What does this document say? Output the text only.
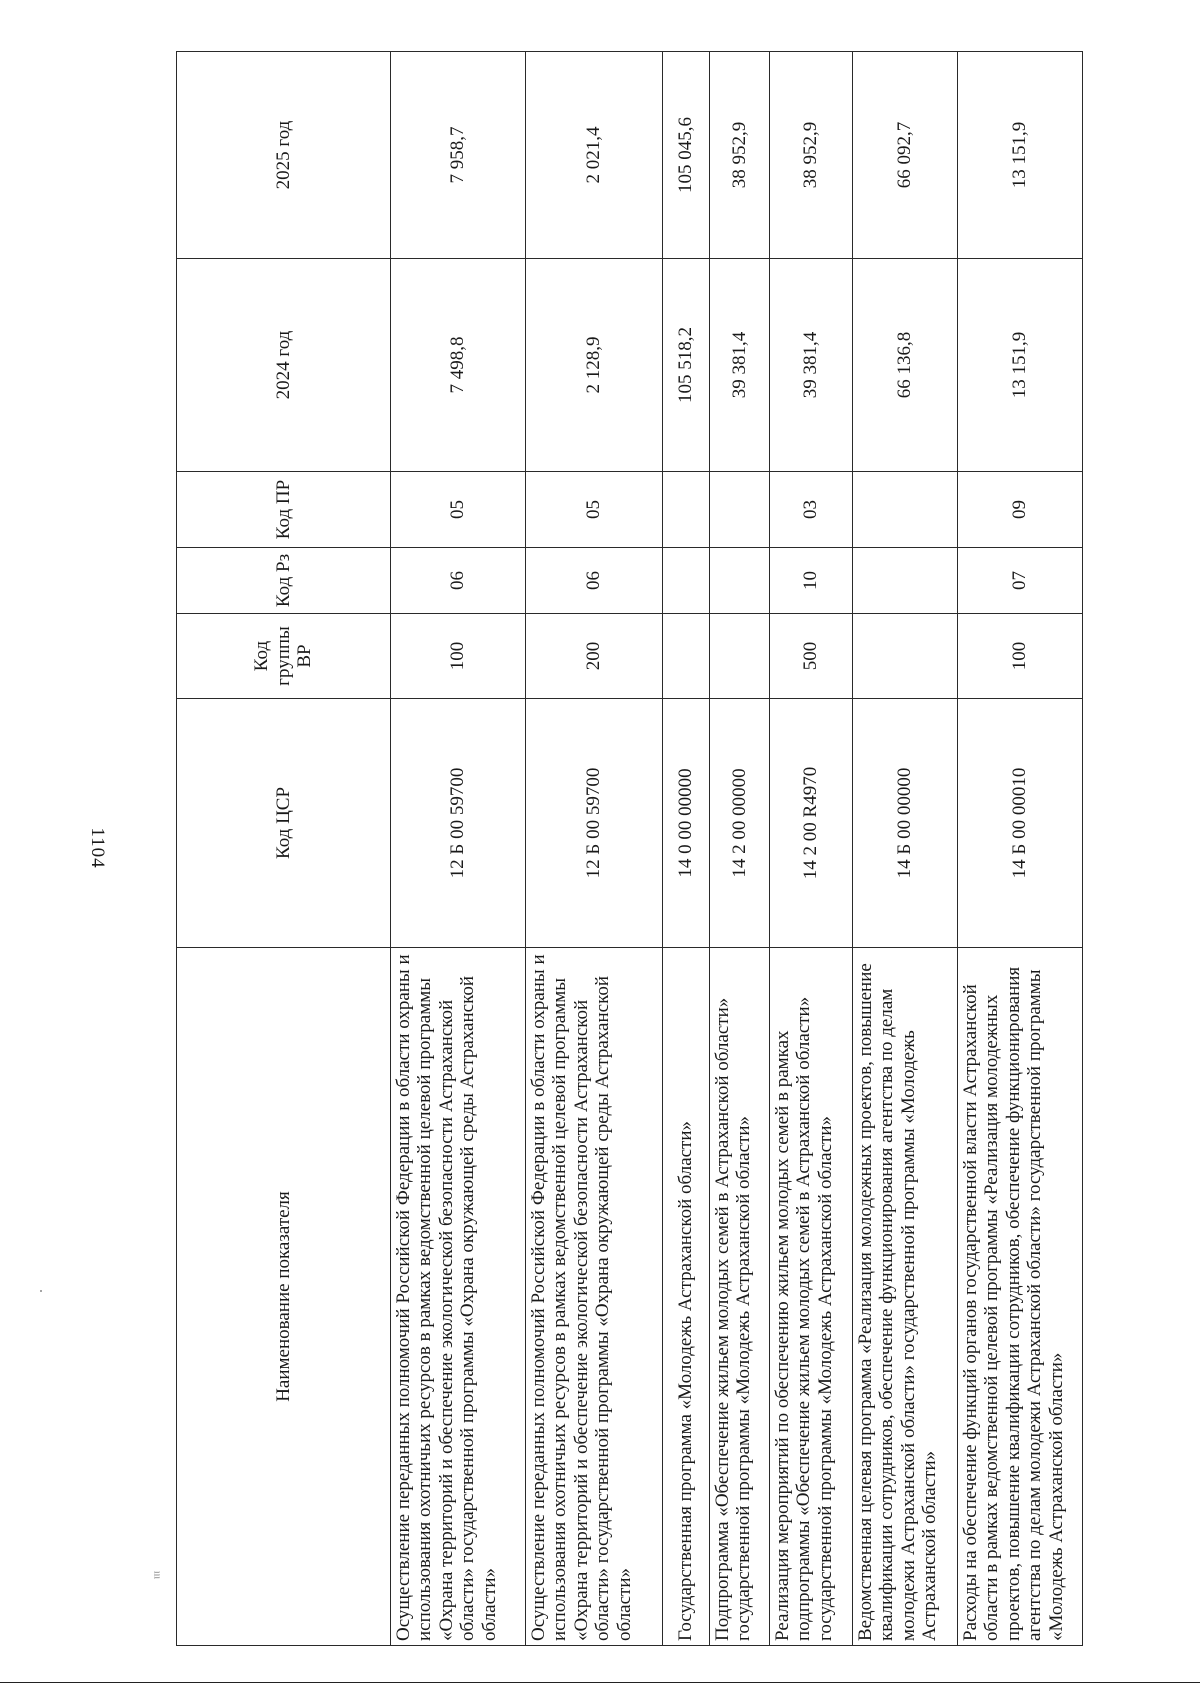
1104
ııı
Наименование показателя	Код ЦСР	Код группы ВР	Код Рз	Код ПР	2024 год	2025 год
Осуществление переданных полномочий Российской Федерации в области охраны и использования охотничьих ресурсов в рамках ведомственной целевой программы «Охрана территорий и обеспечение экологической безопасности Астраханской области» государственной программы «Охрана окружающей среды Астраханской области»	12 Б 00 59700	100	06	05	7 498,8	7 958,7
Осуществление переданных полномочий Российской Федерации в области охраны и использования охотничьих ресурсов в рамках ведомственной целевой программы «Охрана территорий и обеспечение экологической безопасности Астраханской области» государственной программы «Охрана окружающей среды Астраханской области»	12 Б 00 59700	200	06	05	2 128,9	2 021,4
Государственная программа «Молодежь Астраханской области»	14 0 00 00000				105 518,2	105 045,6
Подпрограмма «Обеспечение жильем молодых семей в Астраханской области» государственной программы «Молодежь Астраханской области»	14 2 00 00000				39 381,4	38 952,9
Реализация мероприятий по обеспечению жильем молодых семей в рамках подпрограммы «Обеспечение жильем молодых семей в Астраханской области» государственной программы «Молодежь Астраханской области»	14 2 00 R4970	500	10	03	39 381,4	38 952,9
Ведомственная целевая программа «Реализация молодежных проектов, повышение квалификации сотрудников, обеспечение функционирования агентства по делам молодежи Астраханской области» государственной программы «Молодежь Астраханской области»	14 Б 00 00000				66 136,8	66 092,7
Расходы на обеспечение функций органов государственной власти Астраханской области в рамках ведомственной целевой программы «Реализация молодежных проектов, повышение квалификации сотрудников, обеспечение функционирования агентства по делам молодежи Астраханской области» государственной программы «Молодежь Астраханской области»	14 Б 00 00010	100	07	09	13 151,9	13 151,9
